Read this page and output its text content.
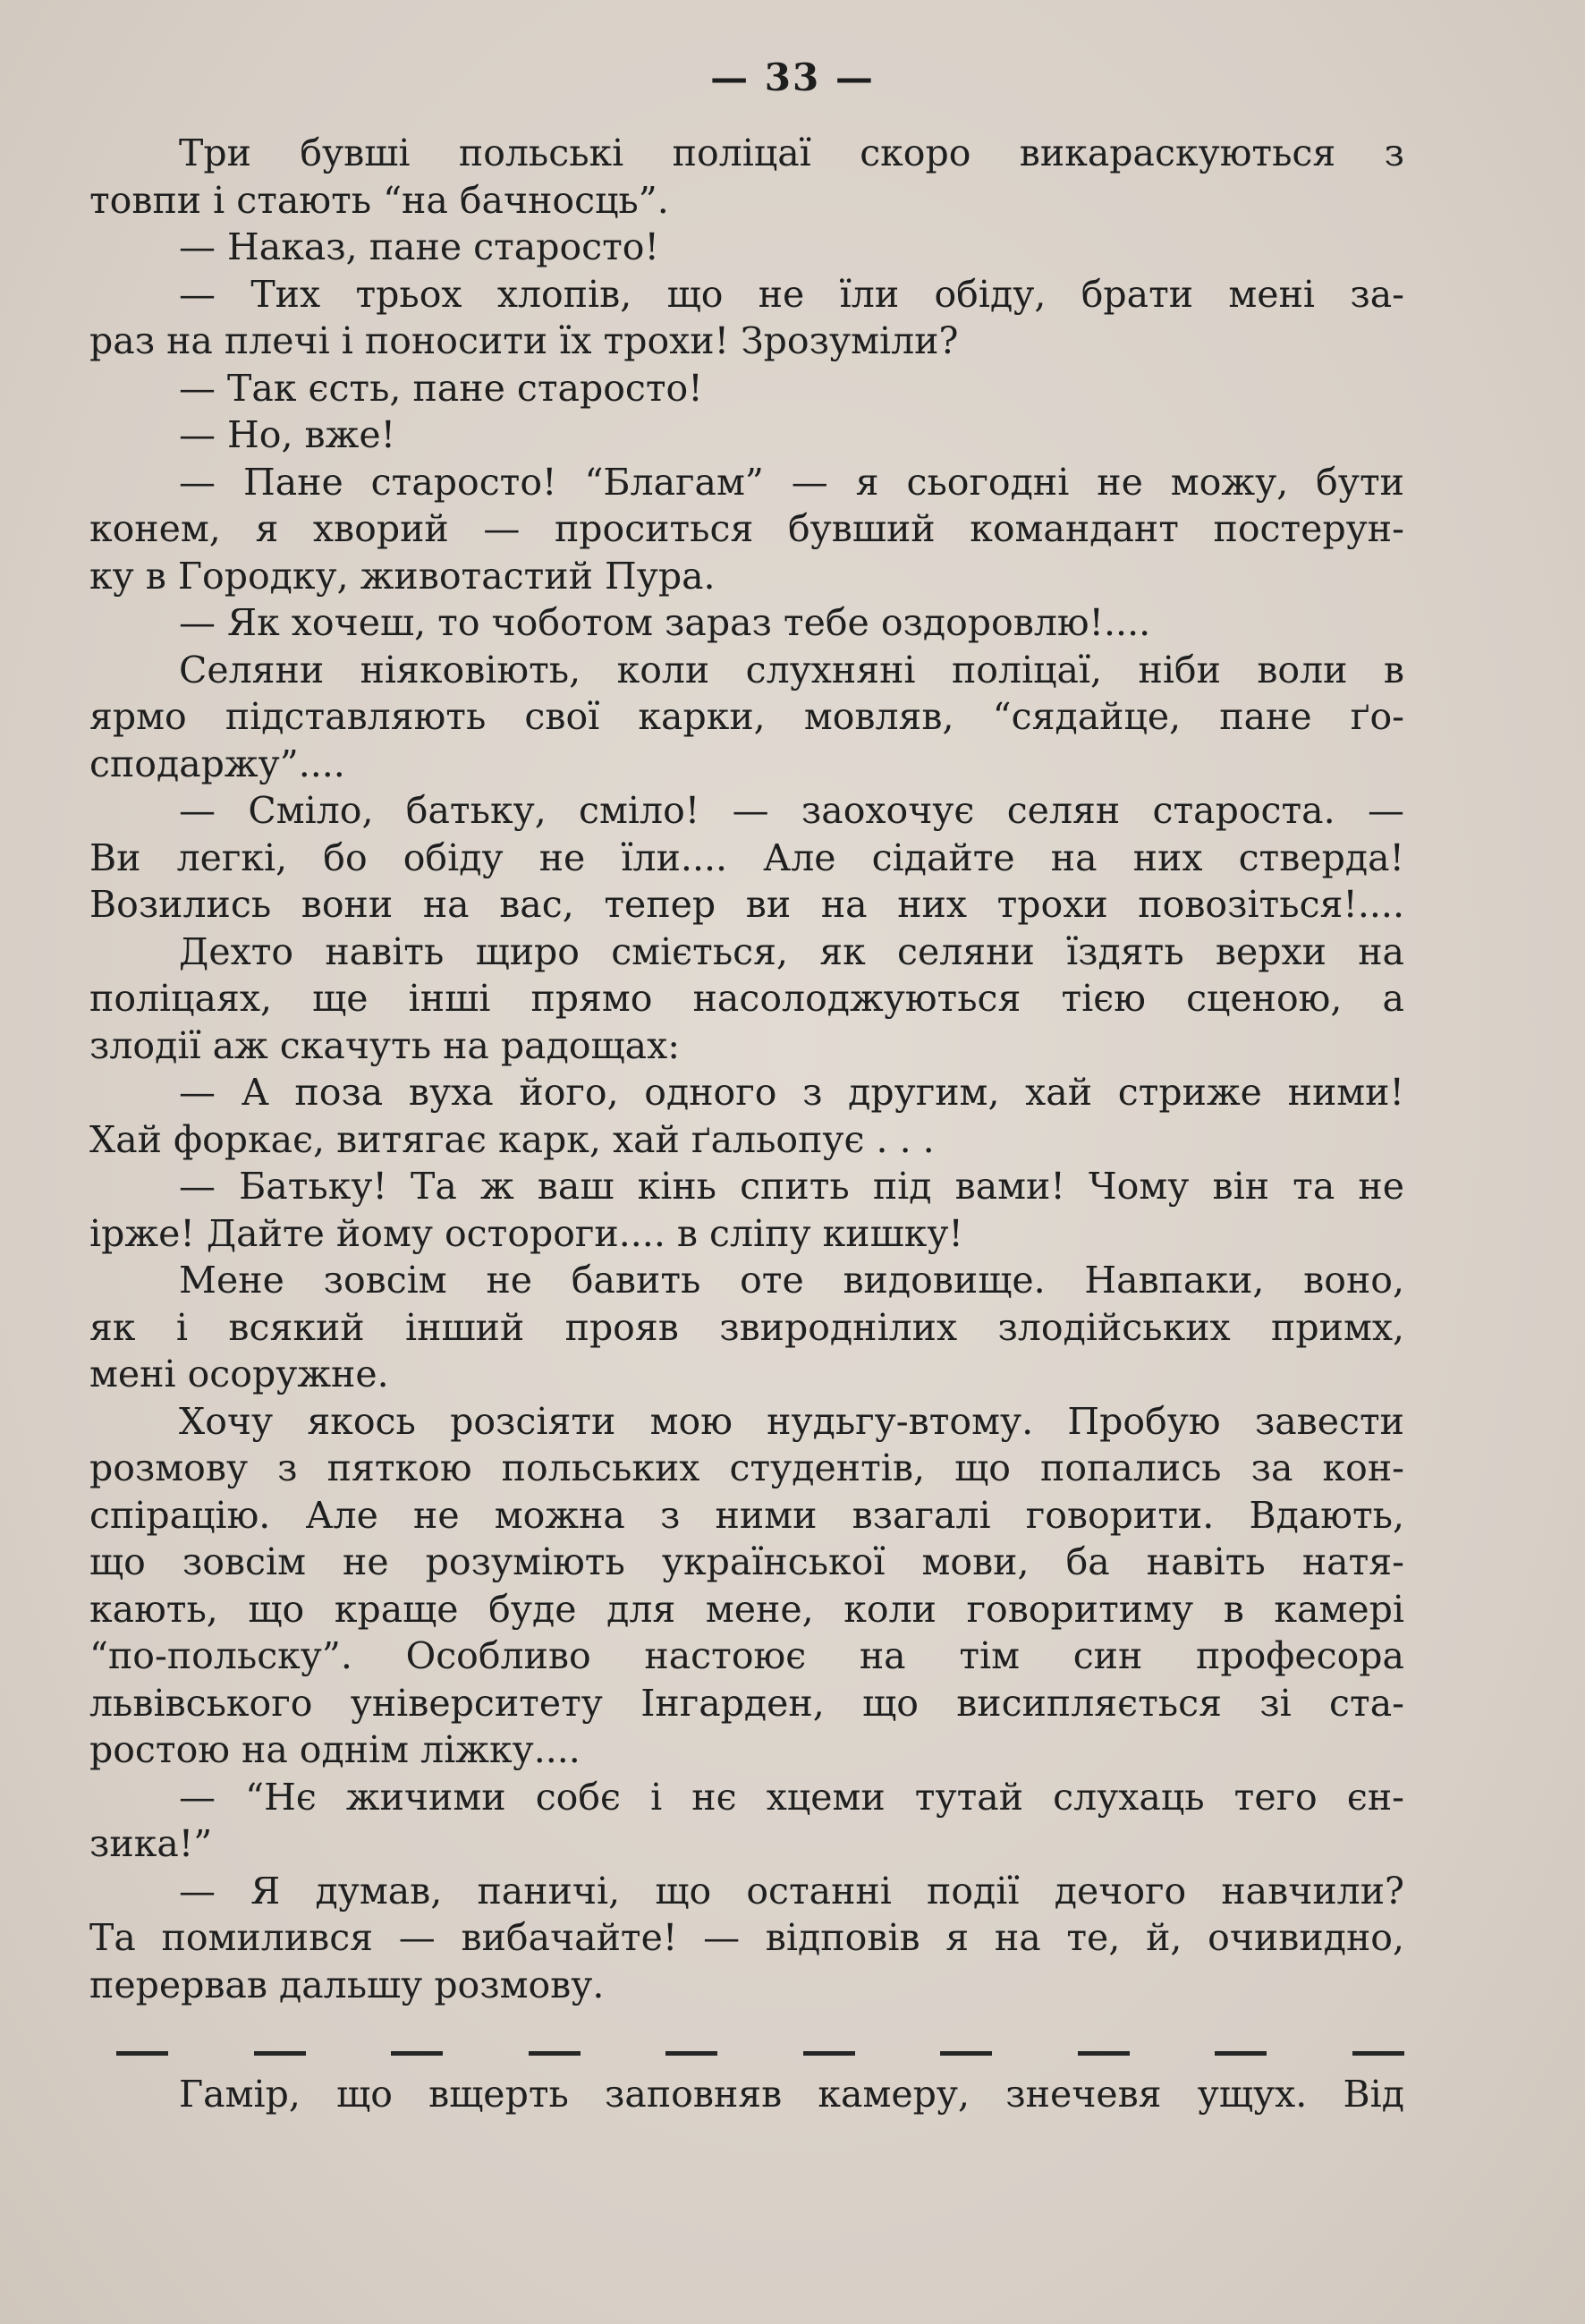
— 33 —
Три бувші польські поліцаї скоро викараскуються з
товпи і стають “на бачносць”.
— Наказ, пане старосто!
— Тих трьох хлопів, що не їли обіду, брати мені за-
раз на плечі і поносити їх трохи! Зрозуміли?
— Так єсть, пане старосто!
— Но, вже!
— Пане старосто! “Благам” — я сьогодні не можу, бути
конем, я хворий — проситься бувший командант постерун-
ку в Городку, животастий Пура.
— Як хочеш, то чоботом зараз тебе оздоровлю!....
Селяни ніяковіють, коли слухняні поліцаї, ніби воли в
ярмо підставляють свої карки, мовляв, “сядайце, пане ґо-
сподаржу”....
— Сміло, батьку, сміло! — заохочує селян староста. —
Ви легкі, бо обіду не їли.... Але сідайте на них стверда!
Возились вони на вас, тепер ви на них трохи повозіться!....
Дехто навіть щиро сміється, як селяни їздять верхи на
поліцаях, ще інші прямо насолоджуються тією сценою, а
злодії аж скачуть на радощах:
— А поза вуха його, одного з другим, хай стриже ними!
Хай форкає, витягає карк, хай ґальопує . . .
— Батьку! Та ж ваш кінь спить під вами! Чому він та не
ірже! Дайте йому остороги.... в сліпу кишку!
Мене зовсім не бавить оте видовище. Навпаки, воно,
як і всякий інший прояв звироднілих злодійських примх,
мені осоружне.
Хочу якось розсіяти мою нудьгу-втому. Пробую завести
розмову з пяткою польських студентів, що попались за кон-
спірацію. Але не можна з ними взагалі говорити. Вдають,
що зовсім не розуміють української мови, ба навіть натя-
кають, що краще буде для мене, коли говоритиму в камері
“по-польску”. Особливо настоює на тім син професора
львівського університету Інгарден, що висипляється зі ста-
ростою на однім ліжку....
— “Нє жичими собє і нє хцеми тутай слухаць тего єн-
зика!”
— Я думав, паничі, що останні події дечого навчили?
Та помилився — вибачайте! — відповів я на те, й, очивидно,
перервав дальшу розмову.
Гамір, що вщерть заповняв камеру, знечевя ущух. Від
